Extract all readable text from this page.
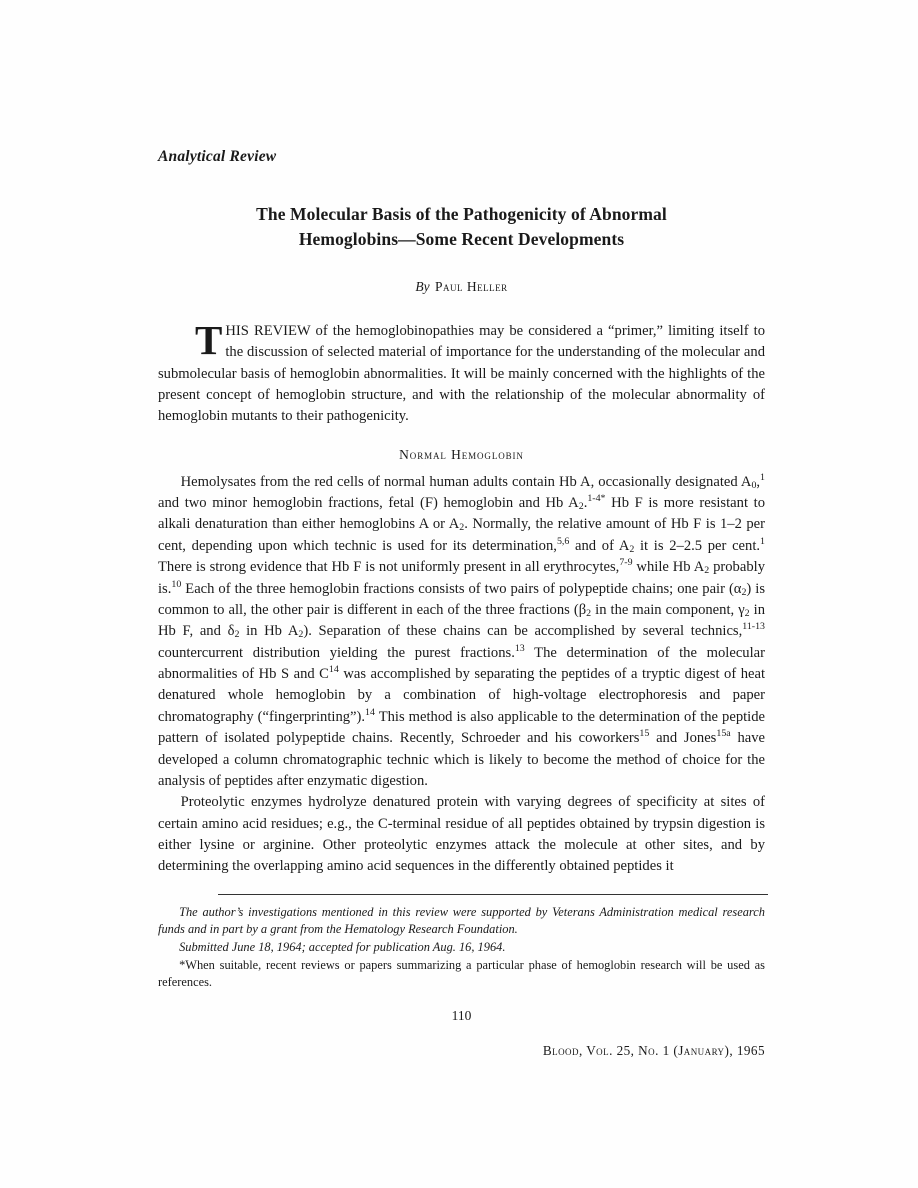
Analytical Review
The Molecular Basis of the Pathogenicity of Abnormal
Hemoglobins—Some Recent Developments
By Paul Heller
T HIS REVIEW of the hemoglobinopathies may be considered a “primer,” limiting itself to the discussion of selected material of importance for the understanding of the molecular and submolecular basis of hemoglobin abnormalities. It will be mainly concerned with the highlights of the present concept of hemoglobin structure, and with the relationship of the molecular abnormality of hemoglobin mutants to their pathogenicity.

Normal Hemoglobin

Hemolysates from the red cells of normal human adults contain Hb A, occasionally designated $A_0,^1$ and two minor hemoglobin fractions, fetal (F) hemoglobin and Hb $A_2.^{1-4*}$ Hb F is more resistant to alkali denaturation than either hemoglobins A or $A_2$. Normally, the relative amount of Hb F is 1–2 per cent, depending upon which technic is used for its determination,$^{5,6}$ and of $A_2$ it is 2–2.5 per cent.$^1$ There is strong evidence that Hb F is not uniformly present in all erythrocytes,$^{7-9}$ while Hb $A_2$ probably is.$^{10}$ Each of the three hemoglobin fractions consists of two pairs of polypeptide chains; one pair $(\alpha_2)$ is common to all, the other pair is different in each of the three fractions ($\beta_2$ in the main component, $\gamma_2$ in Hb F, and $\delta_2$ in Hb $A_2$). Separation of these chains can be accomplished by several technics,$^{11-13}$ countercurrent distribution yielding the purest fractions.$^{13}$ The determination of the molecular abnormalities of Hb S and $C^{14}$ was accomplished by separating the peptides of a tryptic digest of heat denatured whole hemoglobin by a combination of high-voltage electrophoresis and paper chromatography (“fingerprinting”).$^{14}$ This method is also applicable to the determination of the peptide pattern of isolated polypeptide chains. Recently, Schroeder and his coworkers$^{15}$ and Jones$^{15a}$ have developed a column chromatographic technic which is likely to become the method of choice for the analysis of peptides after enzymatic digestion.

Proteolytic enzymes hydrolyze denatured protein with varying degrees of specificity at sites of certain amino acid residues; e.g., the C-terminal residue of all peptides obtained by trypsin digestion is either lysine or arginine. Other proteolytic enzymes attack the molecule at other sites, and by determining the overlapping amino acid sequences in the differently obtained peptides it

The author’s investigations mentioned in this review were supported by Veterans Administration medical research funds and in part by a grant from the Hematology Research Foundation.

Submitted June 18, 1964; accepted for publication Aug. 16, 1964.

*When suitable, recent reviews or papers summarizing a particular phase of hemoglobin research will be used as references.

110
Blood, Vol. 25, No. 1 (January), 1965
